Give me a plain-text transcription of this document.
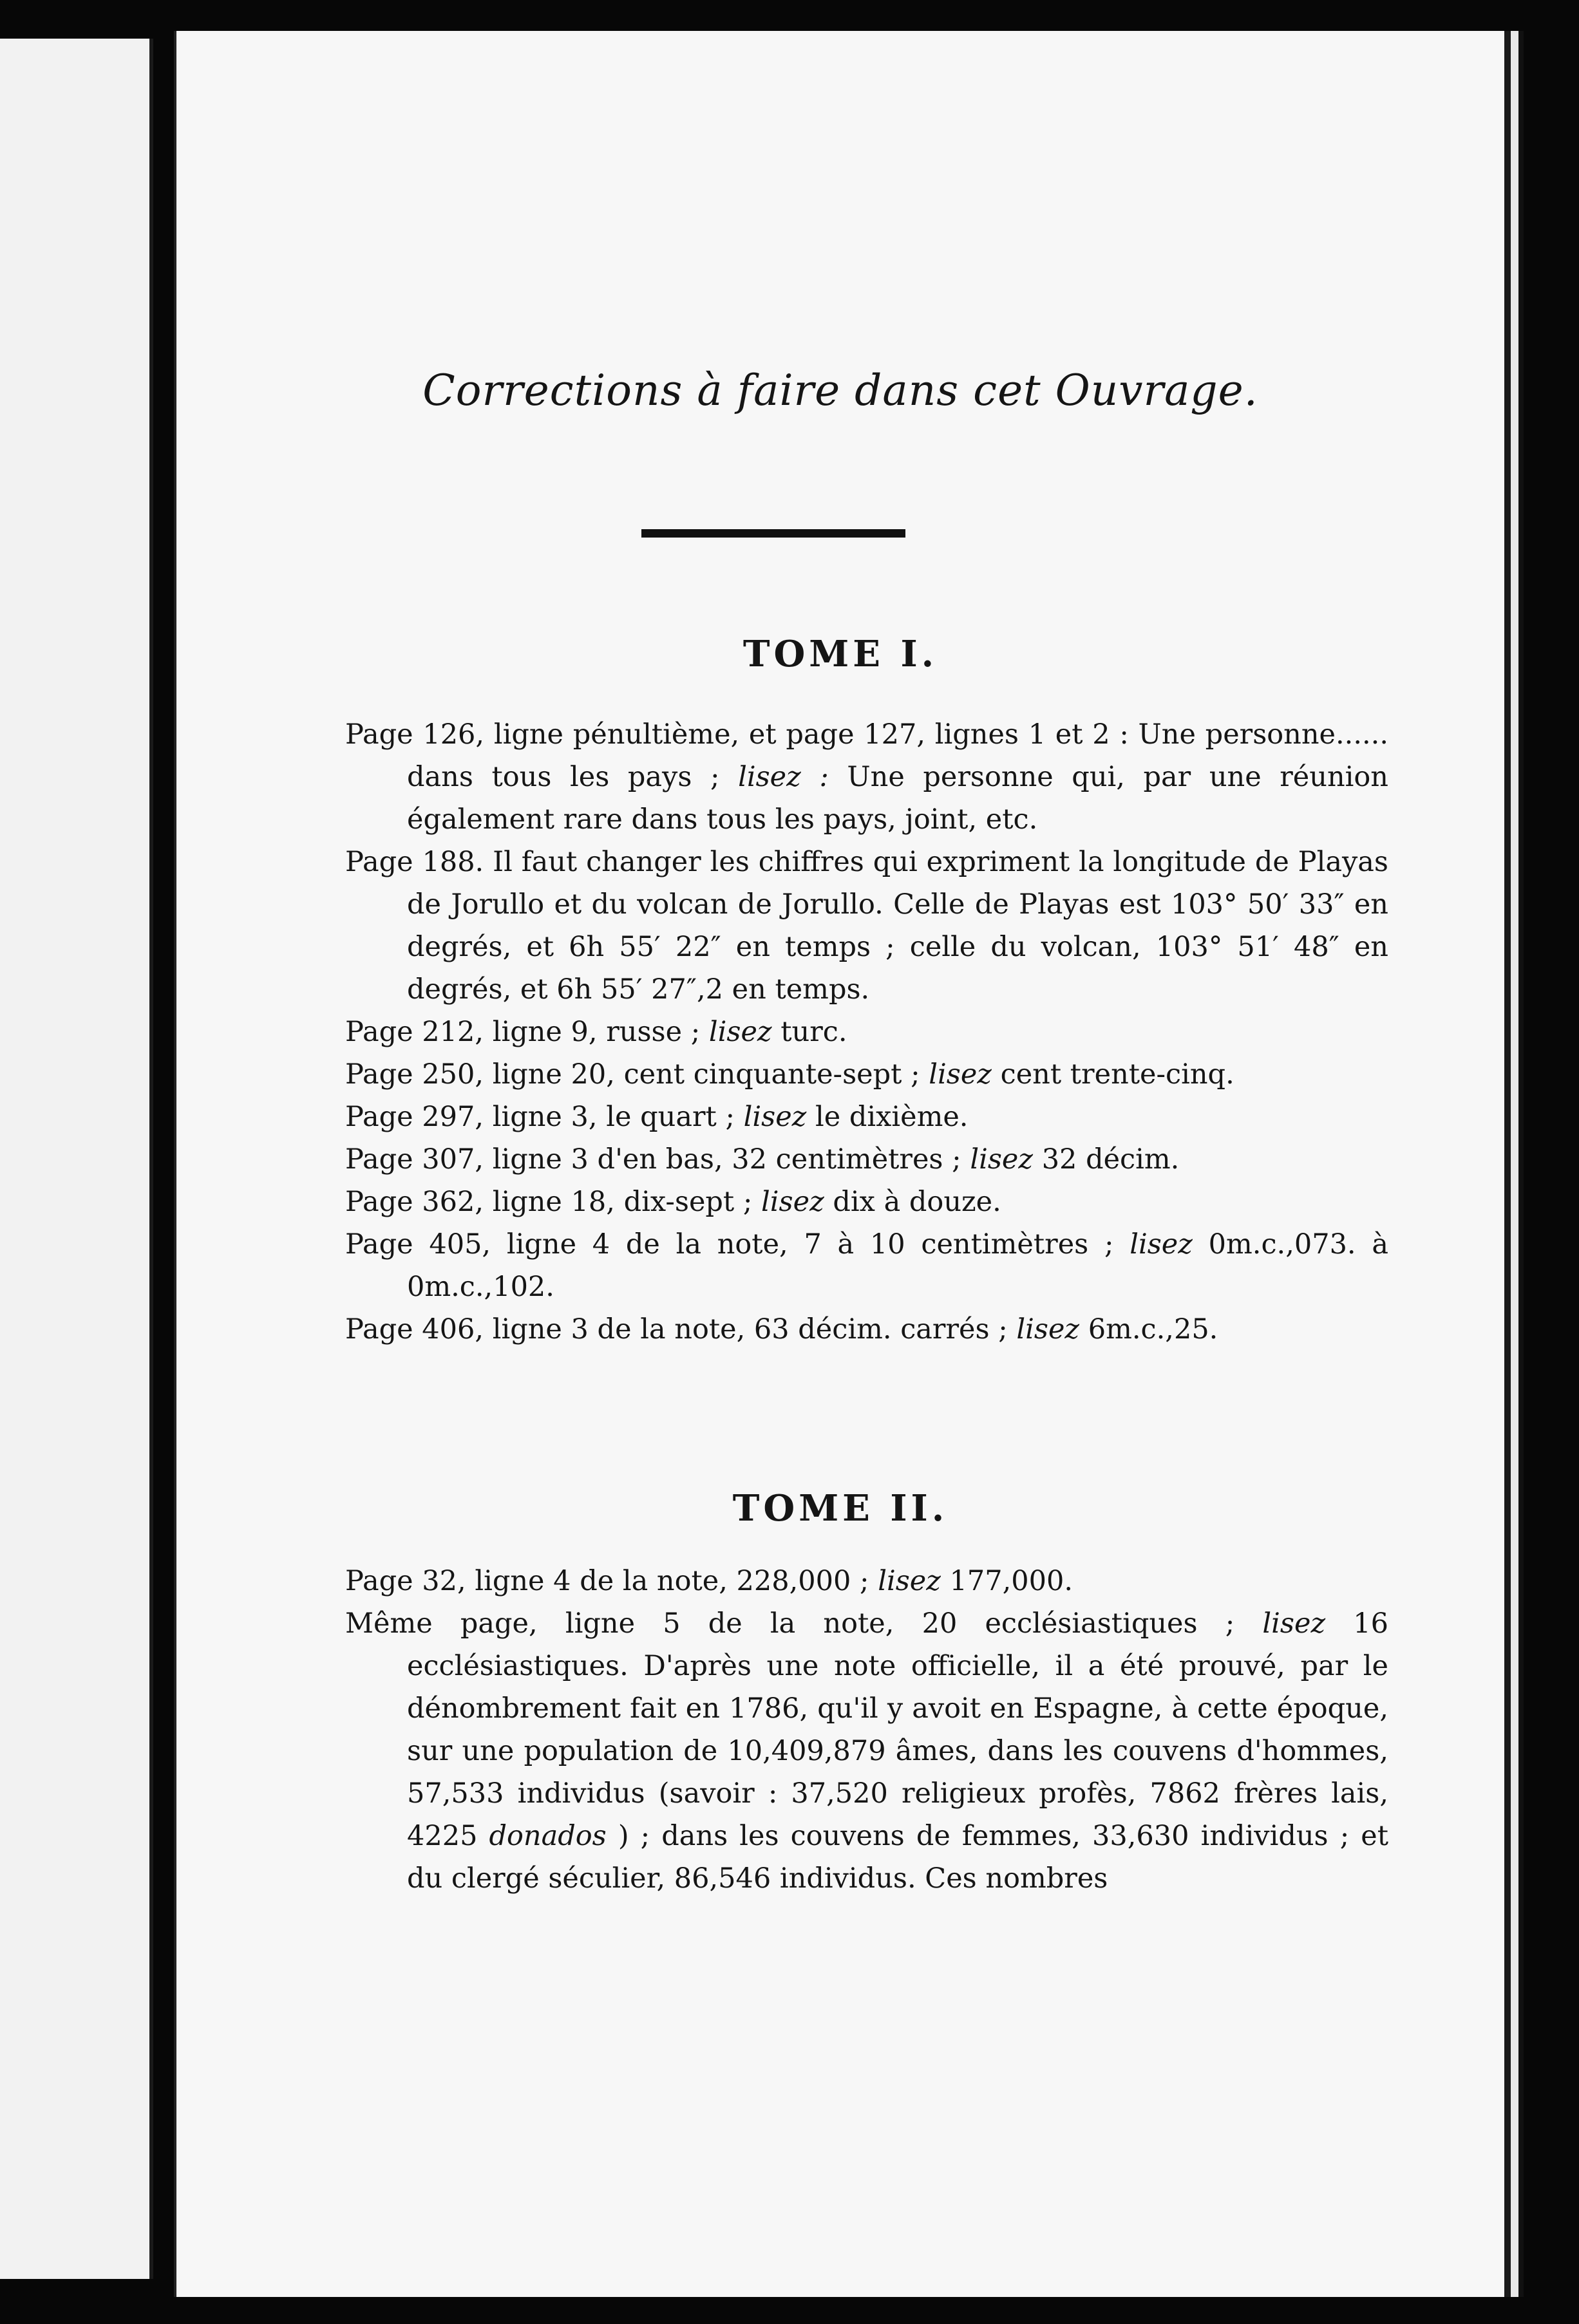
Corrections à faire dans cet Ouvrage.
TOME I.
Page 126, ligne pénultième, et page 127, lignes 1 et 2 : Une personne...... dans tous les pays ; lisez : Une personne qui, par une réunion également rare dans tous les pays, joint, etc.
Page 188. Il faut changer les chiffres qui expriment la longitude de Playas de Jorullo et du volcan de Jorullo. Celle de Playas est 103° 50′ 33″ en degrés, et 6h 55′ 22″ en temps ; celle du volcan, 103° 51′ 48″ en degrés, et 6h 55′ 27″,2 en temps.
Page 212, ligne 9, russe ; lisez turc.
Page 250, ligne 20, cent cinquante-sept ; lisez cent trente-cinq.
Page 297, ligne 3, le quart ; lisez le dixième.
Page 307, ligne 3 d'en bas, 32 centimètres ; lisez 32 décim.
Page 362, ligne 18, dix-sept ; lisez dix à douze.
Page 405, ligne 4 de la note, 7 à 10 centimètres ; lisez 0m.c.,073. à 0m.c.,102.
Page 406, ligne 3 de la note, 63 décim. carrés ; lisez 6m.c.,25.
TOME II.
Page 32, ligne 4 de la note, 228,000 ; lisez 177,000.
Même page, ligne 5 de la note, 20 ecclésiastiques ; lisez 16 ecclésiastiques. D'après une note officielle, il a été prouvé, par le dénombrement fait en 1786, qu'il y avoit en Espagne, à cette époque, sur une population de 10,409,879 âmes, dans les couvens d'hommes, 57,533 individus (savoir : 37,520 religieux profès, 7862 frères lais, 4225 donados ) ; dans les couvens de femmes, 33,630 individus ; et du clergé séculier, 86,546 individus. Ces nombres
